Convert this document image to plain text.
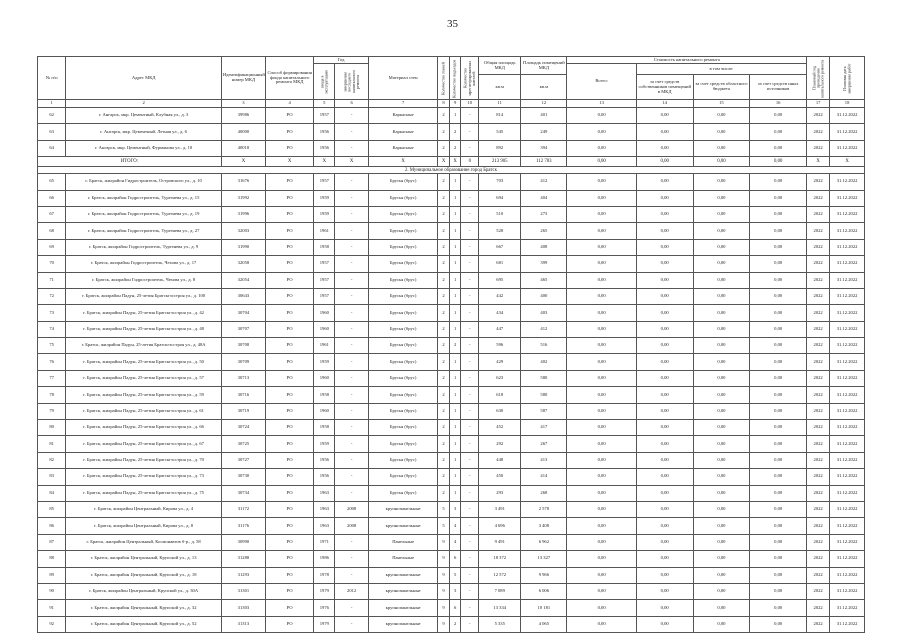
35
№ п/п	Адрес МКД	Идентификационный номер МКД	Способ формирования фонда капитального ремонта МКД	Год		Материал стен	Количество этажей	Количество подъездов	Количество зарегистрированных жителей	Общая площадь МКД	Площадь помещений МКД	Стоимость капитального ремонта				Плановый год проведения капитального ремонта	Плановая дата завершения работ
				ввода в эксплуатацию	завершения последнего капитального ремонта							Всего:	в том числе:				
										кв.м	кв.м		за счет средств собственников помещений в МКД	за счет средств областного бюджета	за счет средств иных источников		
1	2	3	4	5	6	7	8	9	10	11	12	13	14	15	16	17	18
62	г. Ангарск, мкр. Цементный, Клубная ул., д. 3	39986	РО	1957	-	Каркасные	2	1	-	814	401	0,00	0,00	0,00	0,00	2022	31.12.2022
63	г. Ангарск, мкр. Цементный, Летная ул., д. 6	40000	РО	1956	-	Каркасные	2	2	-	545	249	0,00	0,00	0,00	0,00	2022	31.12.2022
64	г. Ангарск, мкр. Цементный, Фурманова ул., д. 10	40018	РО	1956	-	Каркасные	2	2	-	892	394	0,00	0,00	0,00	0,00	2022	31.12.2022
ИТОГО:		X	X	X	X	X	X	X	0	213 905	112 783	0,00	0,00	0,00	0,00	X	X
2. Муниципальное образование город Братск																	
65	г. Братск, жилрайон Гидростроитель, Островского ул., д. 10	31676	РО	1957	-	Брусья (брус)	2	1	-	703	412	0,00	0,00	0,00	0,00	2022	31.12.2022
66	г. Братск, жилрайон Гидростроитель, Тургенева ул., д. 15	31992	РО	1959	-	Брусья (брус)	2	1	-	694	404	0,00	0,00	0,00	0,00	2022	31.12.2022
67	г. Братск, жилрайон Гидростроитель, Тургенева ул., д. 19	31996	РО	1959	-	Брусья (брус)	2	1	-	510	273	0,00	0,00	0,00	0,00	2022	31.12.2022
68	г. Братск, жилрайон Гидростроитель, Тургенева ул., д. 27	32003	РО	1961	-	Брусья (брус)	2	1	-	528	265	0,00	0,00	0,00	0,00	2022	31.12.2022
69	г. Братск, жилрайон Гидростроитель, Тургенева ул., д. 9	31990	РО	1958	-	Брусья (брус)	2	1	-	667	408	0,00	0,00	0,00	0,00	2022	31.12.2022
70	г. Братск, жилрайон Гидростроитель, Чехова ул., д. 17	32058	РО	1957	-	Брусья (брус)	2	1	-	681	399	0,00	0,00	0,00	0,00	2022	31.12.2022
71	г. Братск, жилрайон Гидростроитель, Чехова ул., д. 8	32054	РО	1957	-	Брусья (брус)	2	1	-	695	465	0,00	0,00	0,00	0,00	2022	31.12.2022
72	г. Братск, жилрайон Падун, 25-летия Братскгэсстроя ул., д. 100	30643	РО	1957	-	Брусья (брус)	2	1	-	442	400	0,00	0,00	0,00	0,00	2022	31.12.2022
73	г. Братск, жилрайон Падун, 25-летия Братскгэсстроя ул., д. 42	30704	РО	1960	-	Брусья (брус)	2	1	-	434	403	0,00	0,00	0,00	0,00	2022	31.12.2022
74	г. Братск, жилрайон Падун, 25-летия Братскгэсстроя ул., д. 48	30707	РО	1960	-	Брусья (брус)	2	1	-	447	412	0,00	0,00	0,00	0,00	2022	31.12.2022
75	г. Братск, жилрайон Падун, 25-летия Братскгэсстроя ул., д. 48А	30708	РО	1961	-	Брусья (брус)	2	2	-	596	516	0,00	0,00	0,00	0,00	2022	31.12.2022
76	г. Братск, жилрайон Падун, 25-летия Братскгэсстроя ул., д. 50	30709	РО	1959	-	Брусья (брус)	2	1	-	429	402	0,00	0,00	0,00	0,00	2022	31.12.2022
77	г. Братск, жилрайон Падун, 25-летия Братскгэсстроя ул., д. 57	30713	РО	1960	-	Брусья (брус)	2	1	-	623	580	0,00	0,00	0,00	0,00	2022	31.12.2022
78	г. Братск, жилрайон Падун, 25-летия Братскгэсстроя ул., д. 59	30716	РО	1958	-	Брусья (брус)	2	1	-	618	580	0,00	0,00	0,00	0,00	2022	31.12.2022
79	г. Братск, жилрайон Падун, 25-летия Братскгэсстроя ул., д. 61	30719	РО	1960	-	Брусья (брус)	2	1	-	630	587	0,00	0,00	0,00	0,00	2022	31.12.2022
80	г. Братск, жилрайон Падун, 25-летия Братскгэсстроя ул., д. 66	30724	РО	1958	-	Брусья (брус)	2	1	-	452	417	0,00	0,00	0,00	0,00	2022	31.12.2022
81	г. Братск, жилрайон Падун, 25-летия Братскгэсстроя ул., д. 67	30725	РО	1959	-	Брусья (брус)	2	1	-	292	267	0,00	0,00	0,00	0,00	2022	31.12.2022
82	г. Братск, жилрайон Падун, 25-летия Братскгэсстроя ул., д. 70	30727	РО	1956	-	Брусья (брус)	2	1	-	448	413	0,00	0,00	0,00	0,00	2022	31.12.2022
83	г. Братск, жилрайон Падун, 25-летия Братскгэсстроя ул., д. 73	30730	РО	1956	-	Брусья (брус)	2	1	-	450	414	0,00	0,00	0,00	0,00	2022	31.12.2022
84	г. Братск, жилрайон Падун, 25-летия Братскгэсстроя ул., д. 75	30734	РО	1963	-	Брусья (брус)	2	1	-	293	268	0,00	0,00	0,00	0,00	2022	31.12.2022
85	г. Братск, жилрайон Центральный, Кирова ул., д. 4	31172	РО	1963	2008	крупнопанельные	5	3	-	3 491	2 578	0,00	0,00	0,00	0,00	2022	31.12.2022
86	г. Братск, жилрайон Центральный, Кирова ул., д. 8	31176	РО	1963	2008	крупнопанельные	5	4	-	4 696	3 408	0,00	0,00	0,00	0,00	2022	31.12.2022
87	г. Братск, жилрайон Центральный, Космонавтов б-р., д. 58	30990	РО	1971	-	Панельные	9	4	-	9 491	6 962	0,00	0,00	0,00	0,00	2022	31.12.2022
88	г. Братск, жилрайон Центральный, Крупской ул., д. 13	31288	РО	1986	-	Панельные	9	6	-	18 372	13 327	0,00	0,00	0,00	0,00	2022	31.12.2022
89	г. Братск, жилрайон Центральный, Крупской ул., д. 18	31293	РО	1978	-	крупнопанельные	9	5	-	12 572	9 966	0,00	0,00	0,00	0,00	2022	31.12.2022
90	г. Братск, жилрайон Центральный, Крупской ул., д. 30А	31301	РО	1979	2012	крупнопанельные	9	3	-	7 089	6 006	0,00	0,00	0,00	0,00	2022	31.12.2022
91	г. Братск, жилрайон Центральный, Крупской ул., д. 32	31303	РО	1976	-	крупнопанельные	9	6	-	13 334	10 181	0,00	0,00	0,00	0,00	2022	31.12.2022
92	г. Братск, жилрайон Центральный, Крупской ул., д. 52	31313	РО	1979	-	крупнопанельные	9	2	-	5 335	4 065	0,00	0,00	0,00	0,00	2022	31.12.2022
